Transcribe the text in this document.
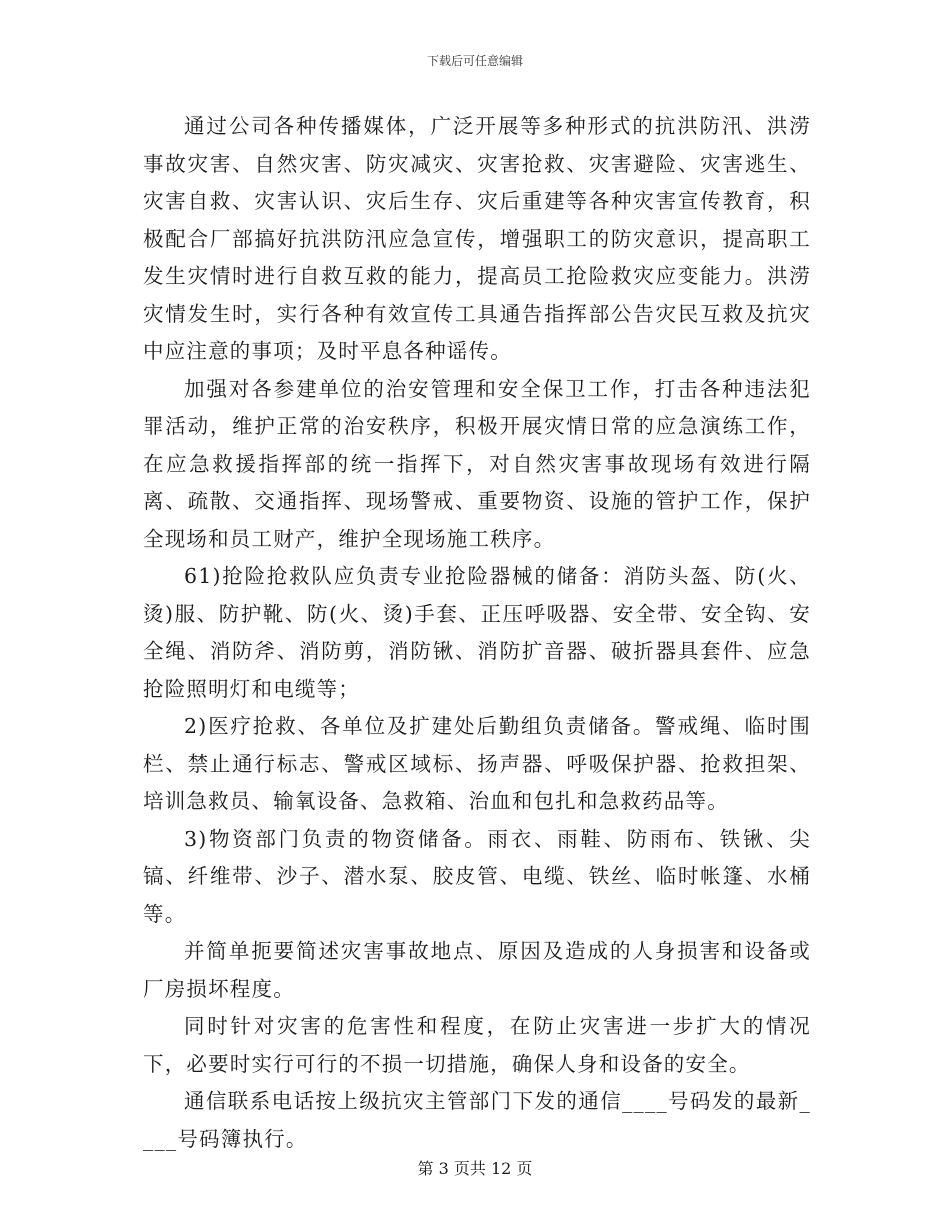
下载后可任意编辑

通过公司各种传播媒体，广泛开展等多种形式的抗洪防汛、洪涝事故灾害、自然灾害、防灾减灾、灾害抢救、灾害避险、灾害逃生、灾害自救、灾害认识、灾后生存、灾后重建等各种灾害宣传教育，积极配合厂部搞好抗洪防汛应急宣传，增强职工的防灾意识，提高职工发生灾情时进行自救互救的能力，提高员工抢险救灾应变能力。洪涝灾情发生时，实行各种有效宣传工具通告指挥部公告灾民互救及抗灾中应注意的事项；及时平息各种谣传。

加强对各参建单位的治安管理和安全保卫工作，打击各种违法犯罪活动，维护正常的治安秩序，积极开展灾情日常的应急演练工作，在应急救援指挥部的统一指挥下，对自然灾害事故现场有效进行隔离、疏散、交通指挥、现场警戒、重要物资、设施的管护工作，保护全现场和员工财产，维护全现场施工秩序。

61)抢险抢救队应负责专业抢险器械的储备：消防头盔、防(火、烫)服、防护靴、防(火、烫)手套、正压呼吸器、安全带、安全钩、安全绳、消防斧、消防剪，消防锹、消防扩音器、破折器具套件、应急抢险照明灯和电缆等；

2)医疗抢救、各单位及扩建处后勤组负责储备。警戒绳、临时围栏、禁止通行标志、警戒区域标、扬声器、呼吸保护器、抢救担架、培训急救员、输氧设备、急救箱、治血和包扎和急救药品等。

3)物资部门负责的物资储备。雨衣、雨鞋、防雨布、铁锹、尖镐、纤维带、沙子、潜水泵、胶皮管、电缆、铁丝、临时帐篷、水桶等。

并简单扼要简述灾害事故地点、原因及造成的人身损害和设备或厂房损坏程度。

同时针对灾害的危害性和程度，在防止灾害进一步扩大的情况下，必要时实行可行的不损一切措施，确保人身和设备的安全。

通信联系电话按上级抗灾主管部门下发的通信____号码发的最新____号码簿执行。

第 3 页共 12 页
